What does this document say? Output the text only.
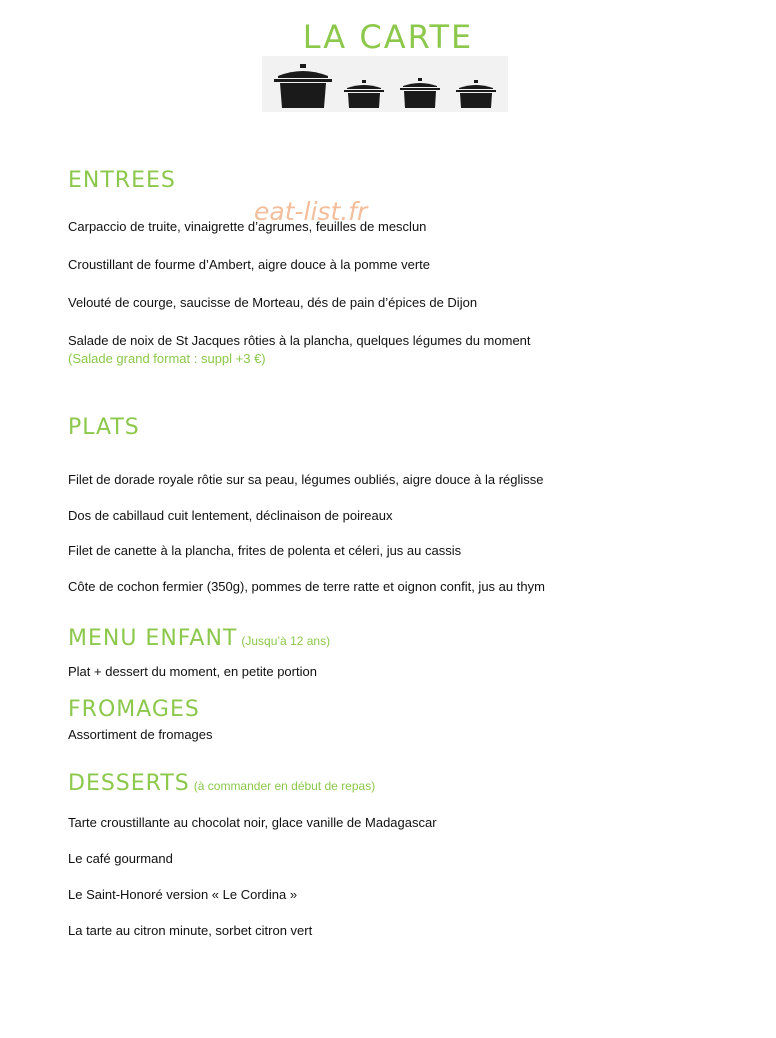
LA CARTE
ENTREES
Carpaccio de truite, vinaigrette d’agrumes, feuilles de mesclun
Croustillant de fourme d’Ambert, aigre douce à la pomme verte
Velouté de courge, saucisse de Morteau, dés de pain d’épices de Dijon
Salade de noix de St Jacques rôties à la plancha, quelques légumes du moment
(Salade grand format : suppl +3 €)
eat-list.fr
PLATS
Filet de dorade royale rôtie sur sa peau, légumes oubliés, aigre douce à la réglisse
Dos de cabillaud cuit lentement, déclinaison de poireaux
Filet de canette à la plancha, frites de polenta et céleri, jus au cassis
Côte de cochon fermier (350g), pommes de terre ratte et oignon confit, jus au thym
MENU ENFANT (Jusqu’à 12 ans)
Plat + dessert du moment, en petite portion
FROMAGES
Assortiment de fromages
DESSERTS (à commander en début de repas)
Tarte croustillante au chocolat noir, glace vanille de Madagascar
Le café gourmand
Le Saint-Honoré version « Le Cordina »
La tarte au citron minute, sorbet citron vert
